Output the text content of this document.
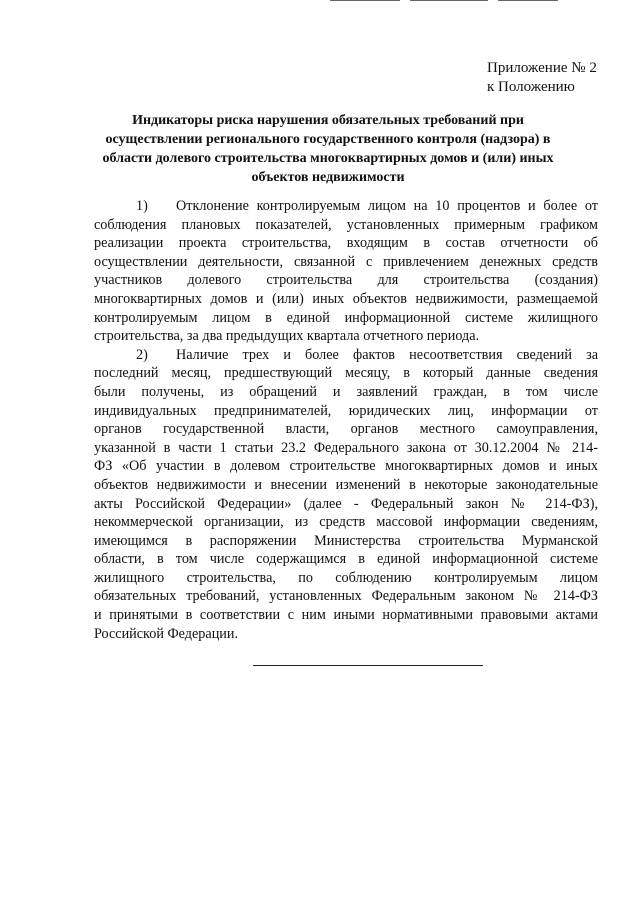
Приложение № 2
к Положению
Индикаторы риска нарушения обязательных требований при
осуществлении регионального государственного контроля (надзора) в
области долевого строительства многоквартирных домов и (или) иных
объектов недвижимости
1) Отклонение контролируемым лицом на 10 процентов и более от
соблюдения плановых показателей, установленных примерным графиком
реализации проекта строительства, входящим в состав отчетности об
осуществлении деятельности, связанной с привлечением денежных средств
участников долевого строительства для строительства (создания)
многоквартирных домов и (или) иных объектов недвижимости, размещаемой
контролируемым лицом в единой информационной системе жилищного
строительства, за два предыдущих квартала отчетного периода.
2) Наличие трех и более фактов несоответствия сведений за
последний месяц, предшествующий месяцу, в который данные сведения
были получены, из обращений и заявлений граждан, в том числе
индивидуальных предпринимателей, юридических лиц, информации от
органов государственной власти, органов местного самоуправления,
указанной в части 1 статьи 23.2 Федерального закона от 30.12.2004 № 214-
ФЗ «Об участии в долевом строительстве многоквартирных домов и иных
объектов недвижимости и внесении изменений в некоторые законодательные
акты Российской Федерации» (далее - Федеральный закон № 214-ФЗ),
некоммерческой организации, из средств массовой информации сведениям,
имеющимся в распоряжении Министерства строительства Мурманской
области, в том числе содержащимся в единой информационной системе
жилищного строительства, по соблюдению контролируемым лицом
обязательных требований, установленных Федеральным законом № 214-ФЗ
и принятыми в соответствии с ним иными нормативными правовыми актами
Российской Федерации.
